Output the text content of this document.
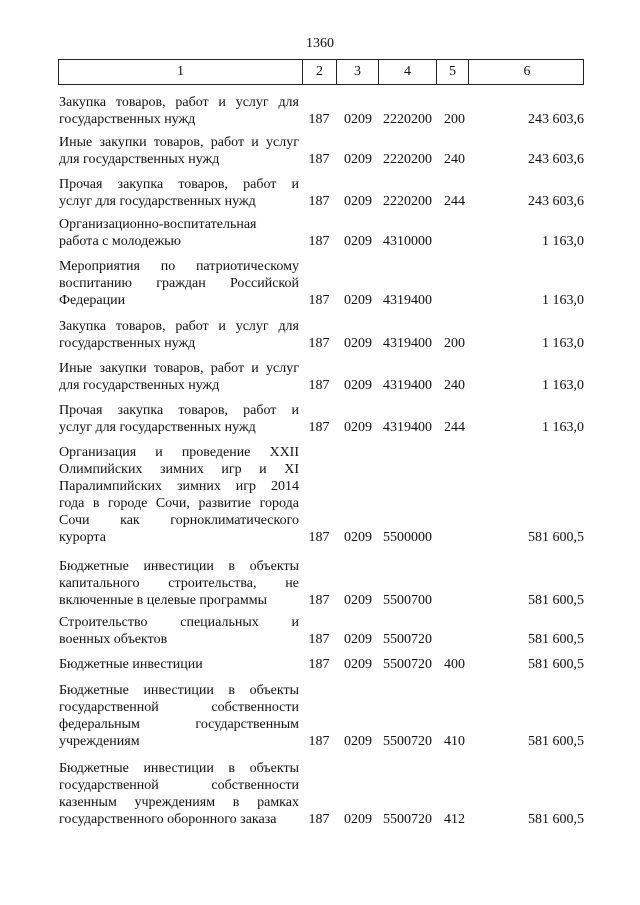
1360
1	2	3	4	5	6
Закупка товаров, работ и услуг для
государственных нужд	187 0209 2220200 200	243 603,6
Иные закупки товаров, работ и услуг
для государственных нужд	187 0209 2220200 240	243 603,6
Прочая закупка товаров, работ и
услуг для государственных нужд	187 0209 2220200 244	243 603,6
Организационно-воспитательная
работа с молодежью	187 0209 4310000	1 163,0
Мероприятия по патриотическому
воспитанию граждан Российской
Федерации	187 0209 4319400	1 163,0
Закупка товаров, работ и услуг для
государственных нужд	187 0209 4319400 200	1 163,0
Иные закупки товаров, работ и услуг
для государственных нужд	187 0209 4319400 240	1 163,0
Прочая закупка товаров, работ и
услуг для государственных нужд	187 0209 4319400 244	1 163,0
Организация и проведение XXII
Олимпийских зимних игр и XI
Паралимпийских зимних игр 2014
года в городе Сочи, развитие города
Сочи как горноклиматического
курорта	187 0209 5500000	581 600,5
Бюджетные инвестиции в объекты
капитального строительства, не
включенные в целевые программы	187 0209 5500700	581 600,5
Строительство специальных и
военных объектов	187 0209 5500720	581 600,5
Бюджетные инвестиции	187 0209 5500720 400	581 600,5
Бюджетные инвестиции в объекты
государственной собственности
федеральным государственным
учреждениям	187 0209 5500720 410	581 600,5
Бюджетные инвестиции в объекты
государственной собственности
казенным учреждениям в рамках
государственного оборонного заказа	187 0209 5500720 412	581 600,5
